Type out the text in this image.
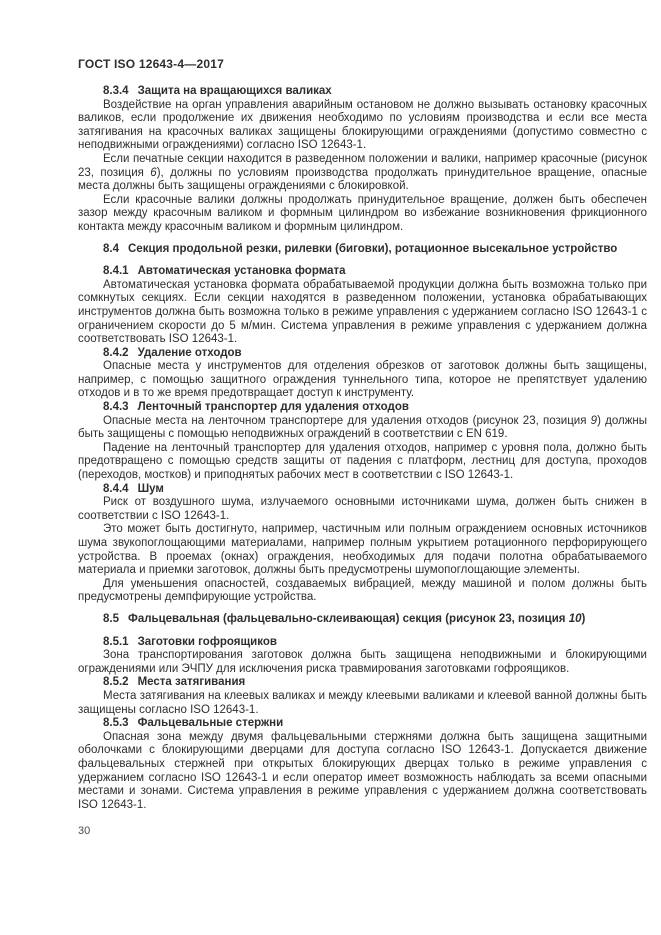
ГОСТ ISO 12643-4—2017
8.3.4 Защита на вращающихся валиках

Воздействие на орган управления аварийным остановом не должно вызывать остановку красочных валиков, если продолжение их движения необходимо по условиям производства и если все места затягивания на красочных валиках защищены блокирующими ограждениями (допустимо совместно с неподвижными ограждениями) согласно ISO 12643-1.

Если печатные секции находится в разведенном положении и валики, например красочные (рисунок 23, позиция 6), должны по условиям производства продолжать принудительное вращение, опасные места должны быть защищены ограждениями с блокировкой.

Если красочные валики должны продолжать принудительное вращение, должен быть обеспечен зазор между красочным валиком и формным цилиндром во избежание возникновения фрикционного контакта между красочным валиком и формным цилиндром.

8.4 Секция продольной резки, рилевки (биговки), ротационное высекальное устройство
8.4.1 Автоматическая установка формата

Автоматическая установка формата обрабатываемой продукции должна быть возможна только при сомкнутых секциях. Если секции находятся в разведенном положении, установка обрабатывающих инструментов должна быть возможна только в режиме управления с удержанием согласно ISO 12643-1 с ограничением скорости до 5 м/мин. Система управления в режиме управления с удержанием должна соответствовать ISO 12643-1.

8.4.2 Удаление отходов

Опасные места у инструментов для отделения обрезков от заготовок должны быть защищены, например, с помощью защитного ограждения туннельного типа, которое не препятствует удалению отходов и в то же время предотвращает доступ к инструменту.

8.4.3 Ленточный транспортер для удаления отходов

Опасные места на ленточном транспортере для удаления отходов (рисунок 23, позиция 9) должны быть защищены с помощью неподвижных ограждений в соответствии с EN 619.

Падение на ленточный транспортер для удаления отходов, например с уровня пола, должно быть предотвращено с помощью средств защиты от падения с платформ, лестниц для доступа, проходов (переходов, мостков) и приподнятых рабочих мест в соответствии с ISO 12643-1.

8.4.4 Шум

Риск от воздушного шума, излучаемого основными источниками шума, должен быть снижен в соответствии с ISO 12643-1.

Это может быть достигнуто, например, частичным или полным ограждением основных источников шума звукопоглощающими материалами, например полным укрытием ротационного перфорирующего устройства. В проемах (окнах) ограждения, необходимых для подачи полотна обрабатываемого материала и приемки заготовок, должны быть предусмотрены шумопоглощающие элементы.

Для уменьшения опасностей, создаваемых вибрацией, между машиной и полом должны быть предусмотрены демпфирующие устройства.

8.5 Фальцевальная (фальцевально-склеивающая) секция (рисунок 23, позиция 10)
8.5.1 Заготовки гофроящиков

Зона транспортирования заготовок должна быть защищена неподвижными и блокирующими ограждениями или ЭЧПУ для исключения риска травмирования заготовками гофроящиков.

8.5.2 Места затягивания

Места затягивания на клеевых валиках и между клеевыми валиками и клеевой ванной должны быть защищены согласно ISO 12643-1.

8.5.3 Фальцевальные стержни

Опасная зона между двумя фальцевальными стержнями должна быть защищена защитными оболочками с блокирующими дверцами для доступа согласно ISO 12643-1. Допускается движение фальцевальных стержней при открытых блокирующих дверцах только в режиме управления с удержанием согласно ISO 12643-1 и если оператор имеет возможность наблюдать за всеми опасными местами и зонами. Система управления в режиме управления с удержанием должна соответствовать ISO 12643-1.

30
